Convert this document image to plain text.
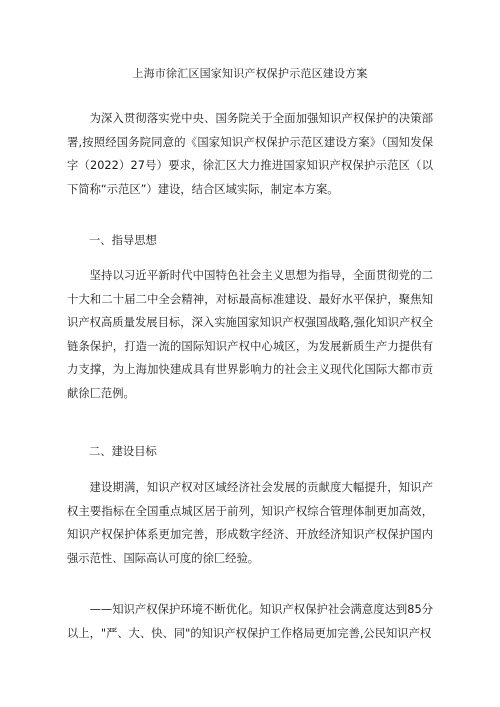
上海市徐汇区国家知识产权保护示范区建设方案

为深入贯彻落实党中央、国务院关于全面加强知识产权保护的决策部署,按照经国务院同意的《国家知识产权保护示范区建设方案》（国知发保字（2022）27号）要求，徐汇区大力推进国家知识产权保护示范区（以下简称“示范区”）建设，结合区域实际，制定本方案。

一、指导思想

坚持以习近平新时代中国特色社会主义思想为指导，全面贯彻党的二十大和二十届二中全会精神，对标最高标准建设、最好水平保护，聚焦知识产权高质量发展目标，深入实施国家知识产权强国战略,强化知识产权全链条保护，打造一流的国际知识产权中心城区，为发展新质生产力提供有力支撑，为上海加快建成具有世界影响力的社会主义现代化国际大都市贡献徐匚范例。

二、建设目标

建设期满，知识产权对区域经济社会发展的贡献度大幅提升，知识产权主要指标在全国重点城区居于前列，知识产权综合管理体制更加高效，知识产权保护体系更加完善，形成数字经济、开放经济知识产权保护国内强示范性、国际高认可度的徐匚经验。

——知识产权保护环境不断优化。知识产权保护社会满意度达到85分以上，"严、大、快、同"的知识产权保护工作格局更加完善,公民知识产权
